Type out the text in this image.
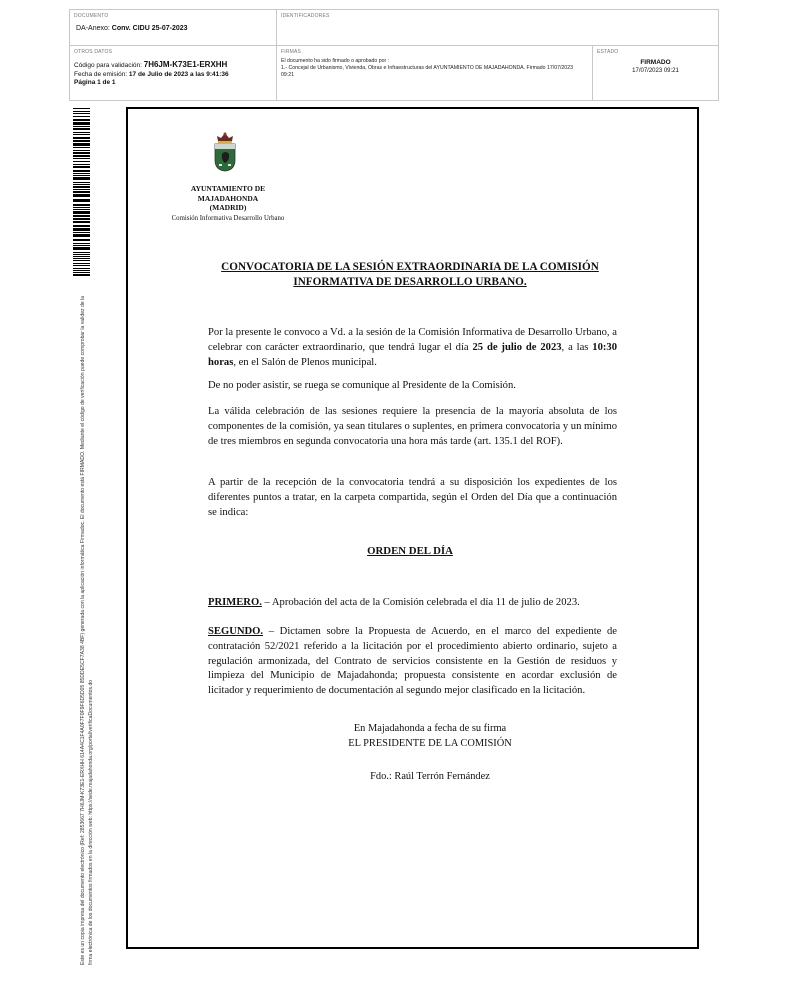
DOCUMENTO
DA-Anexo: Conv. CIDU 25-07-2023
IDENTIFICADORES
OTROS DATOS
Código para validación: 7H6JM-K73E1-ERXHH
Fecha de emisión: 17 de Julio de 2023 a las 9:41:36
Página 1 de 1
FIRMAS
El documento ha sido firmado o aprobado por :
1.- Concejal de Urbanismo, Vivienda, Obras e Infraestructuras del AYUNTAMIENTO DE MAJADAHONDA. Firmado 17/07/2023 09:21
ESTADO
FIRMADO
17/07/2023 09:21
Este es un copia impresa del documento electrónico (Ref: 2853667 7H6JM-K73E1-ERXHH 614A4C1F4A0F7F0F9F6D5D05 85DDE5CF7A38 4BF) generada con la aplicación informática Firmadoc. El documento está FIRMADO. Mediante el código de verificación puede comprobar la validez de la firma electrónica de los documentos firmados en la dirección web: https://sede.majadahonda.org/portal/verificaDocumentos.do
AYUNTAMIENTO DE
MAJADAHONDA
(MADRID)
Comisión Informativa Desarrollo Urbano
CONVOCATORIA DE LA SESIÓN EXTRAORDINARIA DE LA COMISIÓN
INFORMATIVA DE DESARROLLO URBANO.
Por la presente le convoco a Vd. a la sesión de la Comisión Informativa de Desarrollo Urbano, a celebrar con carácter extraordinario, que tendrá lugar el día 25 de julio de 2023, a las 10:30 horas, en el Salón de Plenos municipal.
De no poder asistir, se ruega se comunique al Presidente de la Comisión.
La válida celebración de las sesiones requiere la presencia de la mayoría absoluta de los componentes de la comisión, ya sean titulares o suplentes, en primera convocatoria y un mínimo de tres miembros en segunda convocatoria una hora más tarde (art. 135.1 del ROF).
A partir de la recepción de la convocatoria tendrá a su disposición los expedientes de los diferentes puntos a tratar, en la carpeta compartida, según el Orden del Día que a continuación se indica:
ORDEN DEL DÍA
PRIMERO. – Aprobación del acta de la Comisión celebrada el día 11 de julio de 2023.
SEGUNDO. – Dictamen sobre la Propuesta de Acuerdo, en el marco del expediente de contratación 52/2021 referido a la licitación por el procedimiento abierto ordinario, sujeto a regulación armonizada, del Contrato de servicios consistente en la Gestión de residuos y limpieza del Municipio de Majadahonda; propuesta consistente en acordar exclusión de licitador y requerimiento de documentación al segundo mejor clasificado en la licitación.
En Majadahonda a fecha de su firma
EL PRESIDENTE DE LA COMISIÓN
Fdo.: Raúl Terrón Fernández
